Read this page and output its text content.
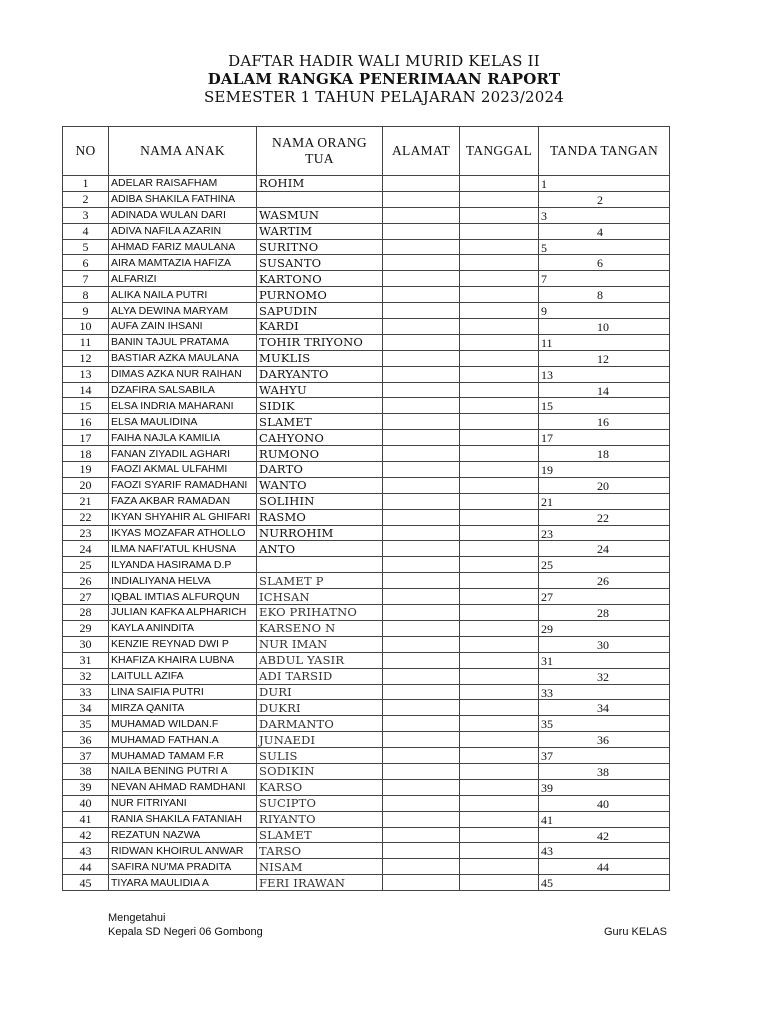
DAFTAR HADIR WALI MURID KELAS II
DALAM RANGKA PENERIMAAN RAPORT
SEMESTER 1 TAHUN PELAJARAN 2023/2024
NO	NAMA ANAK	NAMA ORANG TUA	ALAMAT	TANGGAL	TANDA TANGAN
1	ADELAR RAISAFHAM	ROHIM			1

2	ADIBA SHAKILA FATHINA				2

3	ADINADA WULAN DARI	WASMUN			3

4	ADIVA NAFILA AZARIN	WARTIM			4

5	AHMAD FARIZ MAULANA	SURITNO			5

6	AIRA MAMTAZIA HAFIZA	SUSANTO			6

7	ALFARIZI	KARTONO			7

8	ALIKA NAILA PUTRI	PURNOMO			8

9	ALYA DEWINA MARYAM	SAPUDIN			9

10	AUFA ZAIN IHSANI	KARDI			10

11	BANIN TAJUL PRATAMA	TOHIR TRIYONO			11

12	BASTIAR AZKA MAULANA	MUKLIS			12

13	DIMAS AZKA NUR RAIHAN	DARYANTO			13

14	DZAFIRA SALSABILA	WAHYU			14

15	ELSA INDRIA MAHARANI	SIDIK			15

16	ELSA MAULIDINA	SLAMET			16

17	FAIHA NAJLA KAMILIA	CAHYONO			17

18	FANAN ZIYADIL AGHARI	RUMONO			18

19	FAOZI AKMAL ULFAHMI	DARTO			19

20	FAOZI SYARIF RAMADHANI	WANTO			20

21	FAZA AKBAR RAMADAN	SOLIHIN			21

22	IKYAN SHYAHIR AL GHIFARI	RASMO			22

23	IKYAS MOZAFAR ATHOLLO	NURROHIM			23

24	ILMA NAFI'ATUL KHUSNA	ANTO			24

25	ILYANDA HASIRAMA D.P				25

26	INDIALIYANA HELVA	SLAMET P			26

27	IQBAL IMTIAS ALFURQUN	ICHSAN			27

28	JULIAN KAFKA ALPHARICH	EKO PRIHATNO			28

29	KAYLA ANINDITA	KARSENO N			29

30	KENZIE REYNAD DWI P	NUR IMAN			30

31	KHAFIZA KHAIRA LUBNA	ABDUL YASIR			31

32	LAITULL AZIFA	ADI TARSID			32

33	LINA SAIFIA PUTRI	DURI			33

34	MIRZA QANITA	DUKRI			34

35	MUHAMAD WILDAN.F	DARMANTO			35

36	MUHAMAD FATHAN.A	JUNAEDI			36

37	MUHAMAD TAMAM F.R	SULIS			37

38	NAILA BENING PUTRI A	SODIKIN			38

39	NEVAN AHMAD RAMDHANI	KARSO			39

40	NUR FITRIYANI	SUCIPTO			40

41	RANIA SHAKILA FATANIAH	RIYANTO			41

42	REZATUN NAZWA	SLAMET			42

43	RIDWAN KHOIRUL ANWAR	TARSO			43

44	SAFIRA NU'MA PRADITA	NISAM			44

45	TIYARA MAULIDIA A	FERI IRAWAN			45
Mengetahui
Kepala SD Negeri 06 Gombong	Guru KELAS
